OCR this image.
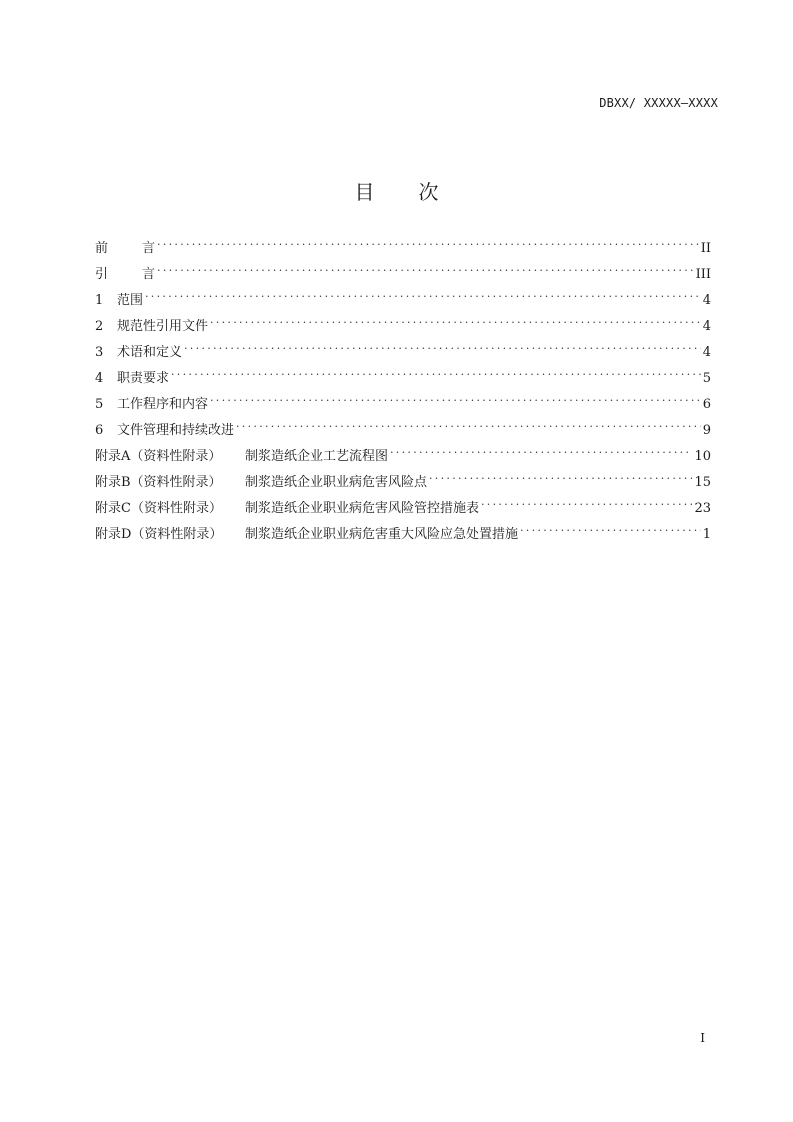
DBXX/ XXXXX—XXXX
目 次
前	言 . . .	II
引	言 . . .	III
1	范围 . . .	4
2	规范性引用文件 . . .	4
3	术语和定义 . . .	4
4	职责要求 . . .	5
5	工作程序和内容 . . .	6
6	文件管理和持续改进 . . .	9
附录A（资料性附录）	制浆造纸企业工艺流程图 . . .	10
附录B（资料性附录）	制浆造纸企业职业病危害风险点 . . .	15
附录C（资料性附录）	制浆造纸企业职业病危害风险管控措施表 . . .	23
附录D（资料性附录）	制浆造纸企业职业病危害重大风险应急处置措施 . . .	1
I
